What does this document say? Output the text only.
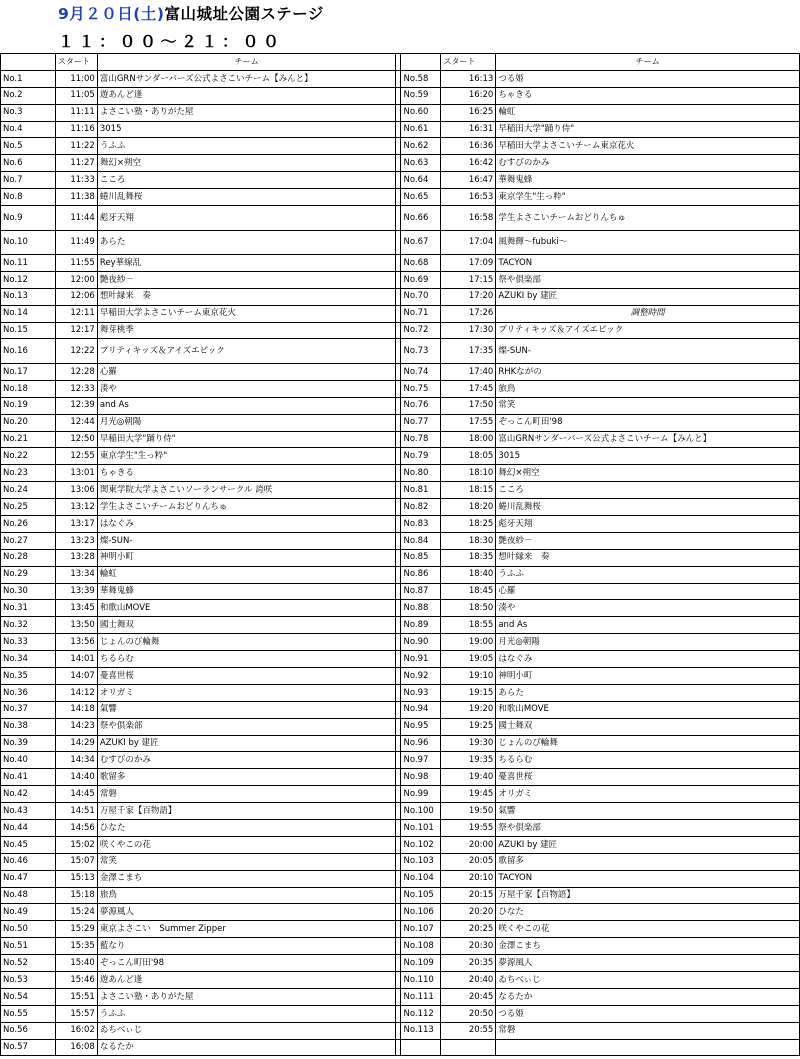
9月２０日(土)富山城址公園ステージ
１１：００〜２１：００
	スタート	チーム			スタート	チーム
No.1	11:00	富山GRNサンダーバーズ公式よさこいチーム【みんと】		No.58	16:13	つる姫
No.2	11:05	遊あんど逢		No.59	16:20	ちゃきる
No.3	11:11	よさこい塾・ありがた屋		No.60	16:25	輪虹
No.4	11:16	3015		No.61	16:31	早稲田大学"踊り侍"
No.5	11:22	うふふ		No.62	16:36	早稲田大学よさこいチーム東京花火
No.6	11:27	舞幻×朔空		No.63	16:42	むすびのかみ
No.7	11:33	こころ		No.64	16:47	華舞鬼蜂
No.8	11:38	蜷川乱舞桜		No.65	16:53	東京学生"生っ粋"
No.9	11:44	彪牙天翔		No.66	16:58	学生よさこいチームおどりんちゅ
No.10	11:49	あらた		No.67	17:04	風舞輝〜fubuki〜
No.11	11:55	Rey華線乱		No.68	17:09	TACYON
No.12	12:00	艶夜紗－		No.69	17:15	祭や倶楽部
No.13	12:06	想叶縁来　奏		No.70	17:20	AZUKI by 建匠
No.14	12:11	早稲田大学よさこいチーム東京花火		No.71	17:26	調整時間
No.15	12:17	舞芽桃季		No.72	17:30	プリティキッズ＆アイズエピック
No.16	12:22	プリティキッズ＆アイズエピック		No.73	17:35	燦-SUN-
No.17	12:28	心羅		No.74	17:40	RHKながの
No.18	12:33	湊や		No.75	17:45	旅鳥
No.19	12:39	and As		No.76	17:50	常笑
No.20	12:44	月光◎朝陽		No.77	17:55	ぞっこん町田'98
No.21	12:50	早稲田大学"踊り侍"		No.78	18:00	富山GRNサンダーバーズ公式よさこいチーム【みんと】
No.22	12:55	東京学生"生っ粋"		No.79	18:05	3015
No.23	13:01	ちゃきる		No.80	18:10	舞幻×朔空
No.24	13:06	関東学院大学よさこいソーランサークル 誇咲		No.81	18:15	こころ
No.25	13:12	学生よさこいチームおどりんちゅ		No.82	18:20	蜷川乱舞桜
No.26	13:17	はなぐみ		No.83	18:25	彪牙天翔
No.27	13:23	燦-SUN-		No.84	18:30	艶夜紗－
No.28	13:28	神明小町		No.85	18:35	想叶縁来　奏
No.29	13:34	輪虹		No.86	18:40	うふふ
No.30	13:39	華舞鬼蜂		No.87	18:45	心羅
No.31	13:45	和歌山MOVE		No.88	18:50	湊や
No.32	13:50	國士舞双		No.89	18:55	and As
No.33	13:56	じょんのび輪舞		No.90	19:00	月光◎朝陽
No.34	14:01	ちるらむ		No.91	19:05	はなぐみ
No.35	14:07	憂喜世桜		No.92	19:10	神明小町
No.36	14:12	オリガミ		No.93	19:15	あらた
No.37	14:18	氣響		No.94	19:20	和歌山MOVE
No.38	14:23	祭や倶楽部		No.95	19:25	國士舞双
No.39	14:29	AZUKI by 建匠		No.96	19:30	じょんのび輪舞
No.40	14:34	むすびのかみ		No.97	19:35	ちるらむ
No.41	14:40	歌留多		No.98	19:40	憂喜世桜
No.42	14:45	常磐		No.99	19:45	オリガミ
No.43	14:51	万屋千家【百物語】		No.100	19:50	氣響
No.44	14:56	ひなた		No.101	19:55	祭や倶楽部
No.45	15:02	咲くやこの花		No.102	20:00	AZUKI by 建匠
No.46	15:07	常笑		No.103	20:05	歌留多
No.47	15:13	金澤こまち		No.104	20:10	TACYON
No.48	15:18	旅鳥		No.105	20:15	万屋千家【百物語】
No.49	15:24	夢源風人		No.106	20:20	ひなた
No.50	15:29	東京よさこい　Summer Zipper		No.107	20:25	咲くやこの花
No.51	15:35	藍なり		No.108	20:30	金澤こまち
No.52	15:40	ぞっこん町田'98		No.109	20:35	夢源風人
No.53	15:46	遊あんど逢		No.110	20:40	ゐちべぃじ
No.54	15:51	よさこい塾・ありがた屋		No.111	20:45	なるたか
No.55	15:57	うふふ		No.112	20:50	つる姫
No.56	16:02	ゐちべぃじ		No.113	20:55	常磐
No.57	16:08	なるたか				
